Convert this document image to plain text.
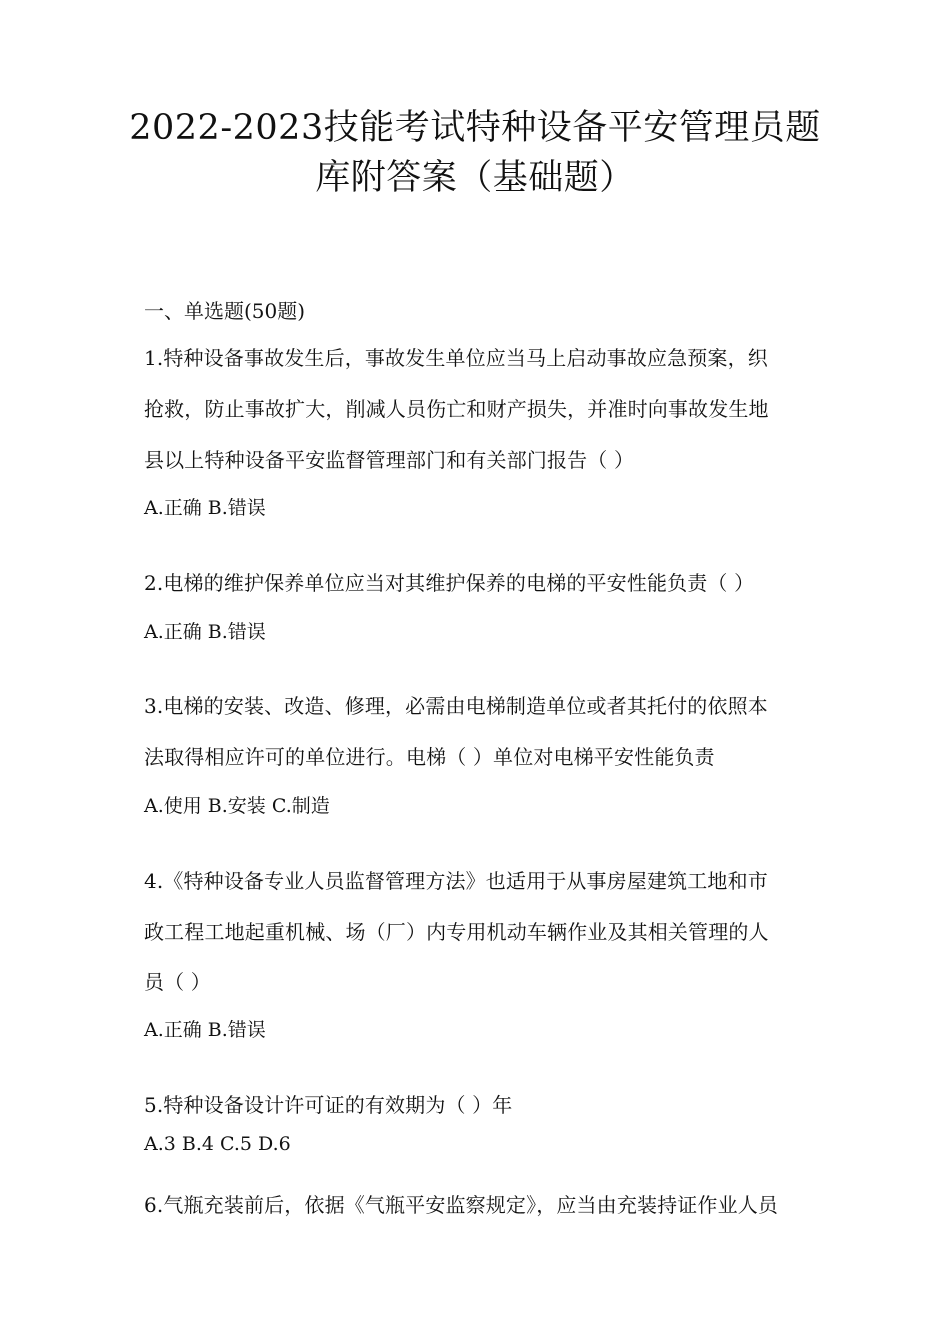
2022-2023技能考试特种设备平安管理员题
库附答案（基础题）
一、单选题(50题)
1.特种设备事故发生后，事故发生单位应当马上启动事故应急预案，织
抢救，防止事故扩大，削减人员伤亡和财产损失，并准时向事故发生地
县以上特种设备平安监督管理部门和有关部门报告（ ）
A.正确 B.错误
2.电梯的维护保养单位应当对其维护保养的电梯的平安性能负责（ ）
A.正确 B.错误
3.电梯的安装、改造、修理，必需由电梯制造单位或者其托付的依照本
法取得相应许可的单位进行。电梯（ ）单位对电梯平安性能负责
A.使用 B.安装 C.制造
4.《特种设备专业人员监督管理方法》也适用于从事房屋建筑工地和市
政工程工地起重机械、场（厂）内专用机动车辆作业及其相关管理的人
员（ ）
A.正确 B.错误
5.特种设备设计许可证的有效期为（ ）年
A.3 B.4 C.5 D.6
6.气瓶充装前后，依据《气瓶平安监察规定》，应当由充装持证作业人员
